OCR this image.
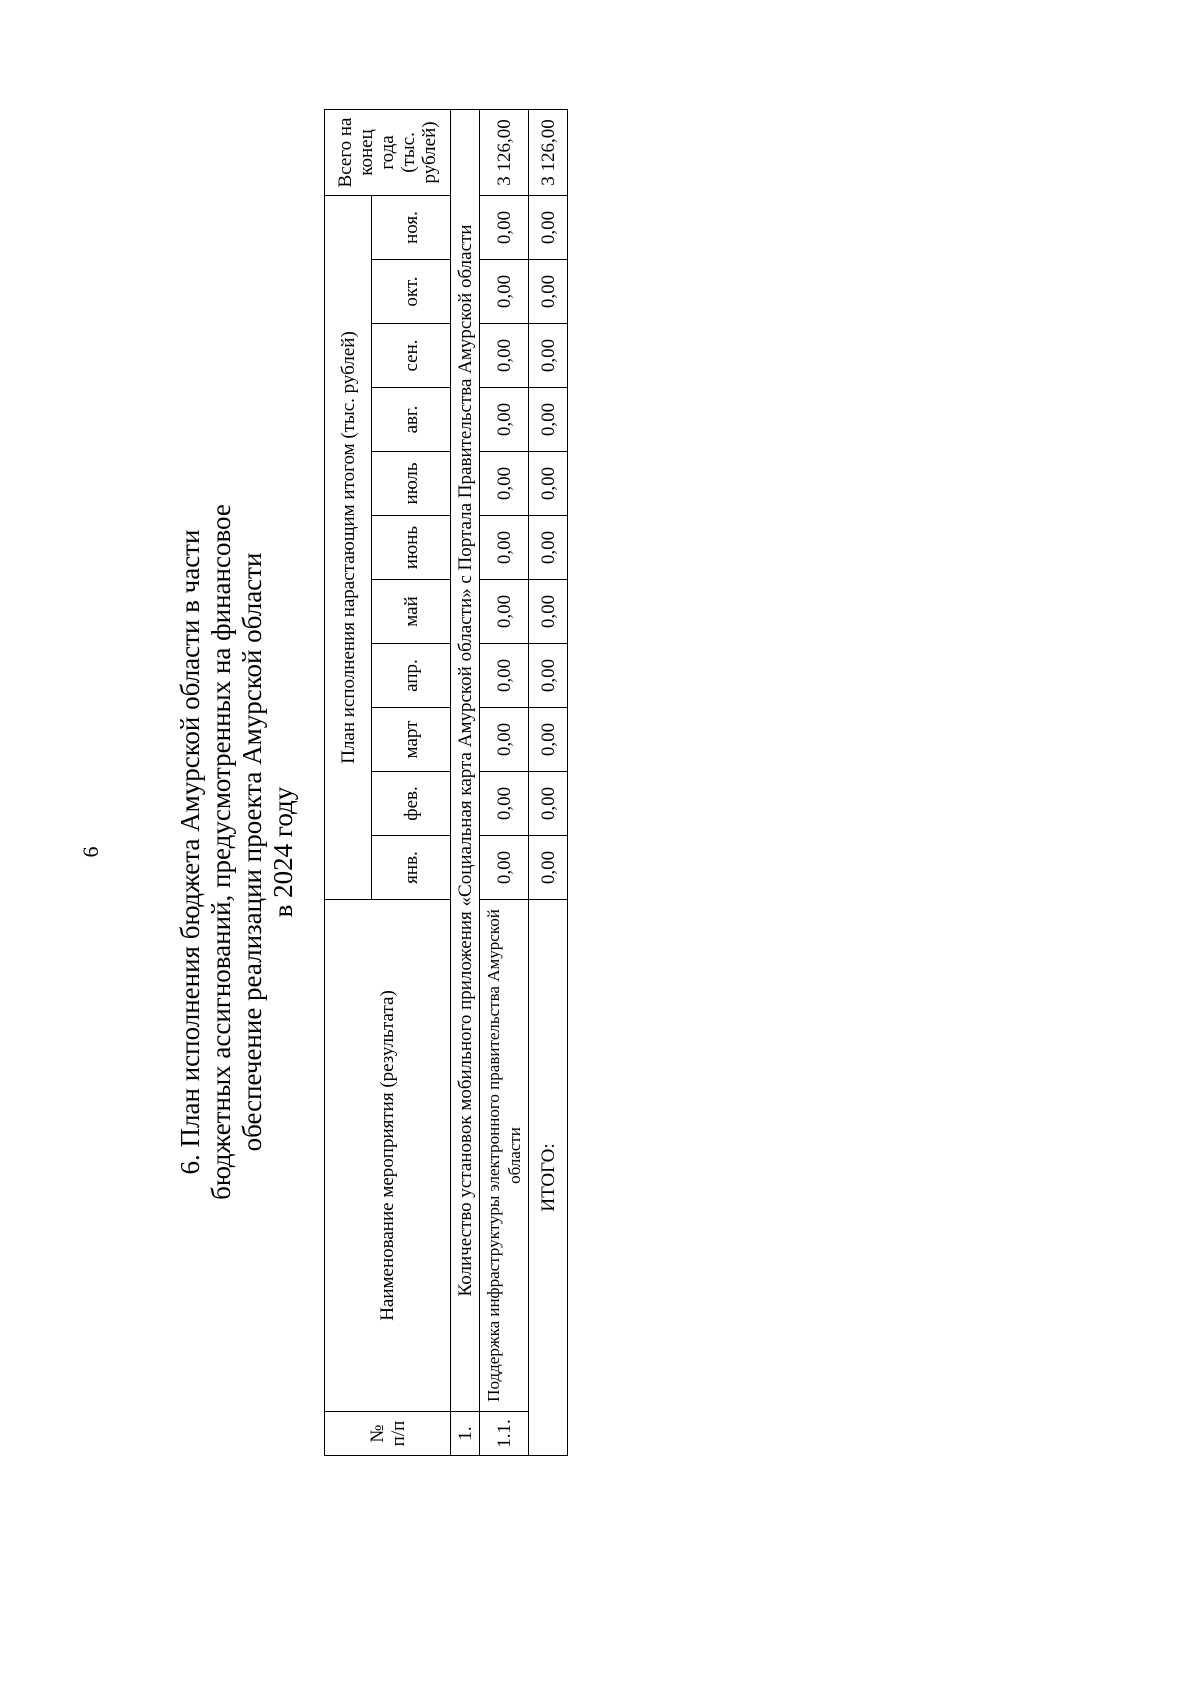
6	6. План исполнения бюджета Амурской области в части бюджетных ассигнований, предусмотренных на финансовое обеспечение реализации проекта Амурской области в 2024 году
№ п/п	Наименование мероприятия (результата)	План исполнения нарастающим итогом (тыс. рублей)											Всего на конец года (тыс. рублей)
		янв.	фев.	март	апр.	май	июнь	июль	авг.	сен.	окт.	ноя.	
1.	Количество установок мобильного приложения «Социальная карта Амурской области» с Портала Правительства Амурской области												
1.1.	Поддержка инфраструктуры электронного правительства Амурской области	0,00	0,00	0,00	0,00	0,00	0,00	0,00	0,00	0,00	0,00	0,00	3 126,00
ИТОГО:		0,00	0,00	0,00	0,00	0,00	0,00	0,00	0,00	0,00	0,00	0,00	3 126,00
